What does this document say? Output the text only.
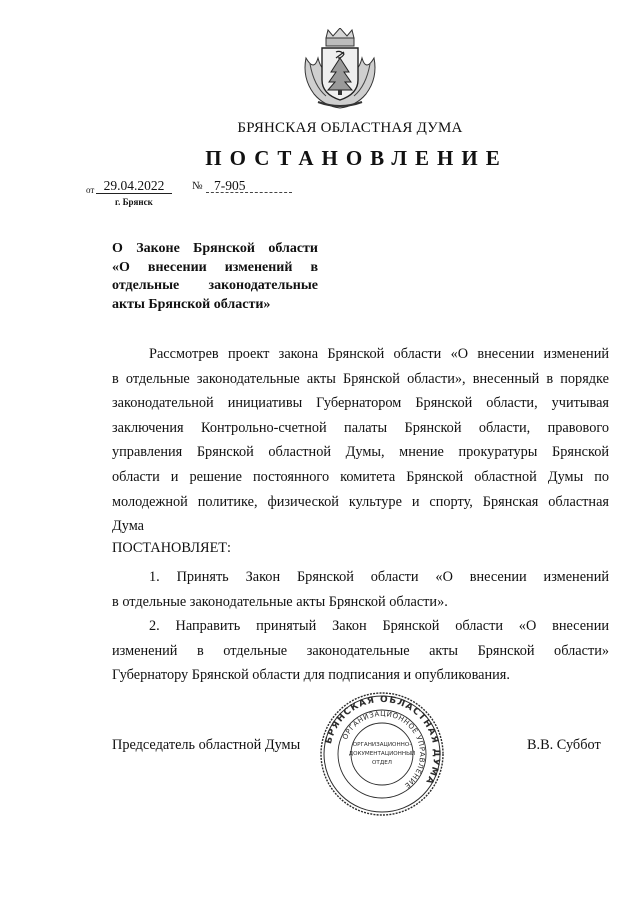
БРЯНСКАЯ ОБЛАСТНАЯ ДУМА
ПОСТАНОВЛЕНИЕ
от 29.04.2022	№ 7-905
г. Брянск
О Законе Брянской области
«О внесении изменений в
отдельные законодательные
акты Брянской области»
Рассмотрев проект закона Брянской области «О внесении изменений
в отдельные законодательные акты Брянской области», внесенный в порядке
законодательной инициативы Губернатором Брянской области, учитывая
заключения Контрольно-счетной палаты Брянской области, правового
управления Брянской областной Думы, мнение прокуратуры Брянской
области и решение постоянного комитета Брянской областной Думы по
молодежной политике, физической культуре и спорту, Брянская областная
Дума
ПОСТАНОВЛЯЕТ:
1. Принять Закон Брянской области «О внесении изменений
в отдельные законодательные акты Брянской области».
2. Направить принятый Закон Брянской области «О внесении
изменений в отдельные законодательные акты Брянской области»
Губернатору Брянской области для подписания и опубликования.
БРЯНСКАЯ ОБЛАСТНАЯ ДУМА
ОРГАНИЗАЦИОННОЕ УПРАВЛЕНИЕ
ОРГАНИЗАЦИОННО-
ДОКУМЕНТАЦИОННЫЙ
ОТДЕЛ
Председатель областной Думы	В.В. Суббот
